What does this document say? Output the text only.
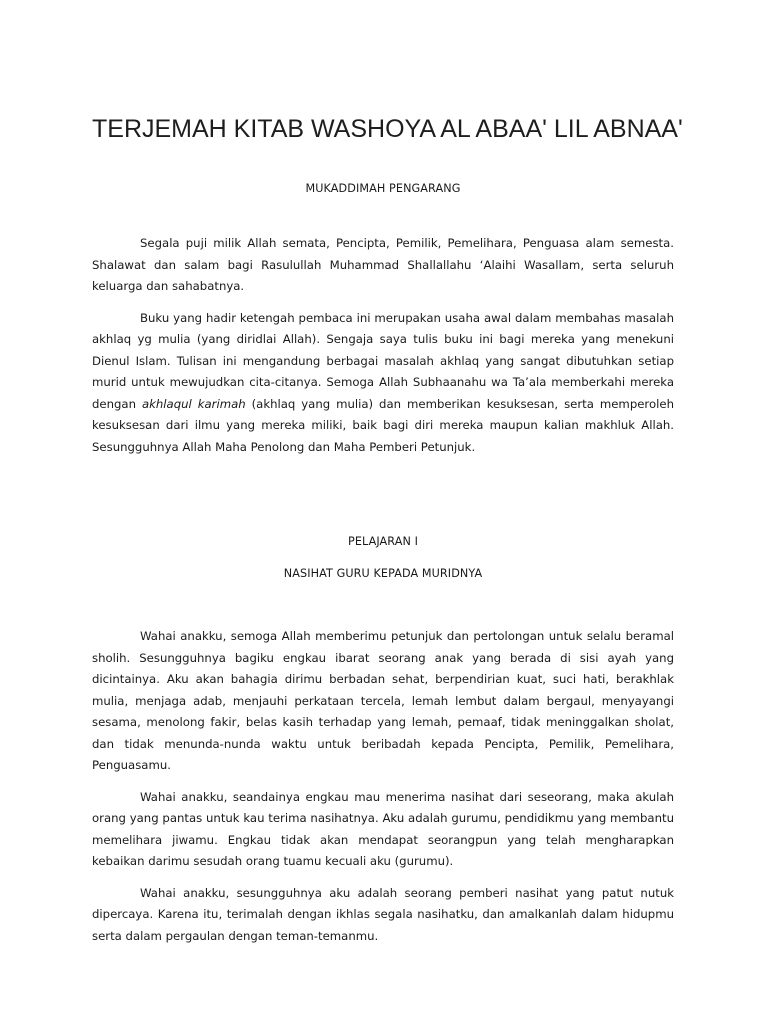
TERJEMAH KITAB WASHOYA AL ABAA' LIL ABNAA'
MUKADDIMAH PENGARANG

Segala puji milik Allah semata, Pencipta, Pemilik, Pemelihara, Penguasa alam semesta. Shalawat dan salam bagi Rasulullah Muhammad Shallallahu ‘Alaihi Wasallam, serta seluruh keluarga dan sahabatnya.

Buku yang hadir ketengah pembaca ini merupakan usaha awal dalam membahas masalah akhlaq yg mulia (yang diridlai Allah). Sengaja saya tulis buku ini bagi mereka yang menekuni Dienul Islam. Tulisan ini mengandung berbagai masalah akhlaq yang sangat dibutuhkan setiap murid untuk mewujudkan cita-citanya. Semoga Allah Subhaanahu wa Ta’ala memberkahi mereka dengan akhlaqul karimah (akhlaq yang mulia) dan memberikan kesuksesan, serta memperoleh kesuksesan dari ilmu yang mereka miliki, baik bagi diri mereka maupun kalian makhluk Allah. Sesungguhnya Allah Maha Penolong dan Maha Pemberi Petunjuk.

PELAJARAN I
NASIHAT GURU KEPADA MURIDNYA

Wahai anakku, semoga Allah memberimu petunjuk dan pertolongan untuk selalu beramal sholih. Sesungguhnya bagiku engkau ibarat seorang anak yang berada di sisi ayah yang dicintainya. Aku akan bahagia dirimu berbadan sehat, berpendirian kuat, suci hati, berakhlak mulia, menjaga adab, menjauhi perkataan tercela, lemah lembut dalam bergaul, menyayangi sesama, menolong fakir, belas kasih terhadap yang lemah, pemaaf, tidak meninggalkan sholat, dan tidak menunda-nunda waktu untuk beribadah kepada Pencipta, Pemilik, Pemelihara, Penguasamu.

Wahai anakku, seandainya engkau mau menerima nasihat dari seseorang, maka akulah orang yang pantas untuk kau terima nasihatnya. Aku adalah gurumu, pendidikmu yang membantu memelihara jiwamu. Engkau tidak akan mendapat seorangpun yang telah mengharapkan kebaikan darimu sesudah orang tuamu kecuali aku (gurumu).

Wahai anakku, sesungguhnya aku adalah seorang pemberi nasihat yang patut nutuk dipercaya. Karena itu, terimalah dengan ikhlas segala nasihatku, dan amalkanlah dalam hidupmu serta dalam pergaulan dengan teman-temanmu.
